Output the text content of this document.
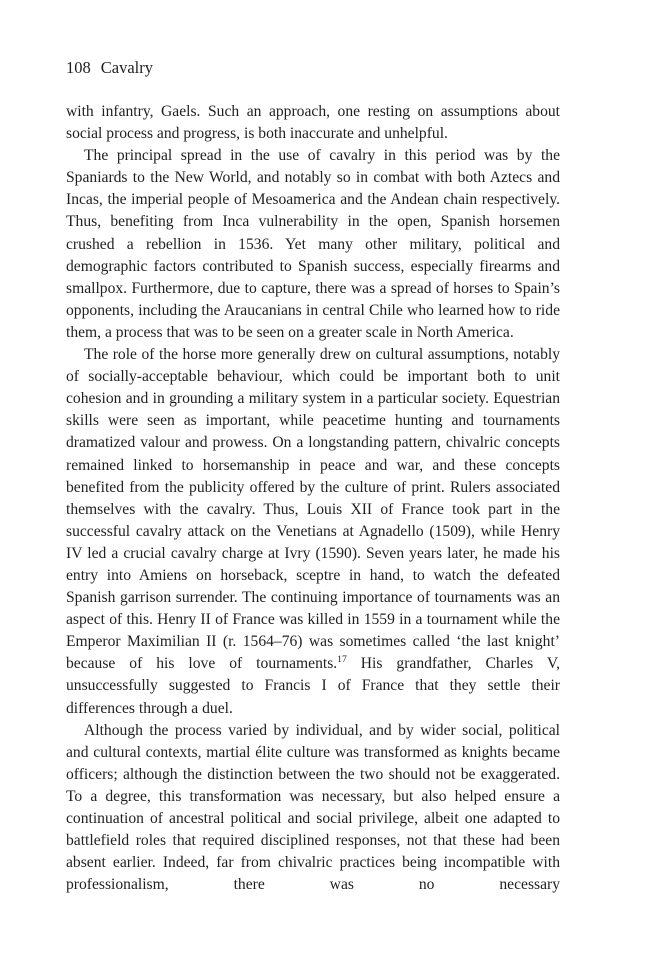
108 Cavalry

with infantry, Gaels. Such an approach, one resting on assumptions about social process and progress, is both inaccurate and unhelpful.

The principal spread in the use of cavalry in this period was by the Spaniards to the New World, and notably so in combat with both Aztecs and Incas, the imperial people of Mesoamerica and the Andean chain respectively. Thus, benefiting from Inca vulnerability in the open, Spanish horsemen crushed a rebellion in 1536. Yet many other military, political and demographic factors contributed to Spanish success, especially firearms and smallpox. Furthermore, due to capture, there was a spread of horses to Spain’s opponents, including the Araucanians in central Chile who learned how to ride them, a process that was to be seen on a greater scale in North America.

The role of the horse more generally drew on cultural assumptions, notably of socially-acceptable behaviour, which could be important both to unit cohesion and in grounding a military system in a particular society. Equestrian skills were seen as important, while peacetime hunting and tournaments dramatized valour and prowess. On a longstanding pattern, chivalric concepts remained linked to horsemanship in peace and war, and these concepts benefited from the publicity offered by the culture of print. Rulers associated themselves with the cavalry. Thus, Louis XII of France took part in the successful cavalry attack on the Venetians at Agnadello (1509), while Henry IV led a crucial cavalry charge at Ivry (1590). Seven years later, he made his entry into Amiens on horseback, sceptre in hand, to watch the defeated Spanish garrison surrender. The continuing importance of tournaments was an aspect of this. Henry II of France was killed in 1559 in a tournament while the Emperor Maximilian II (r. 1564–76) was sometimes called ‘the last knight’ because of his love of tournaments.$^{17}$ His grandfather, Charles V, unsuccessfully suggested to Francis I of France that they settle their differences through a duel.

Although the process varied by individual, and by wider social, political and cultural contexts, martial élite culture was transformed as knights became officers; although the distinction between the two should not be exaggerated. To a degree, this transformation was necessary, but also helped ensure a continuation of ancestral political and social privilege, albeit one adapted to battlefield roles that required disciplined responses, not that these had been absent earlier. Indeed, far from chivalric practices being incompatible with professionalism, there was no necessary
